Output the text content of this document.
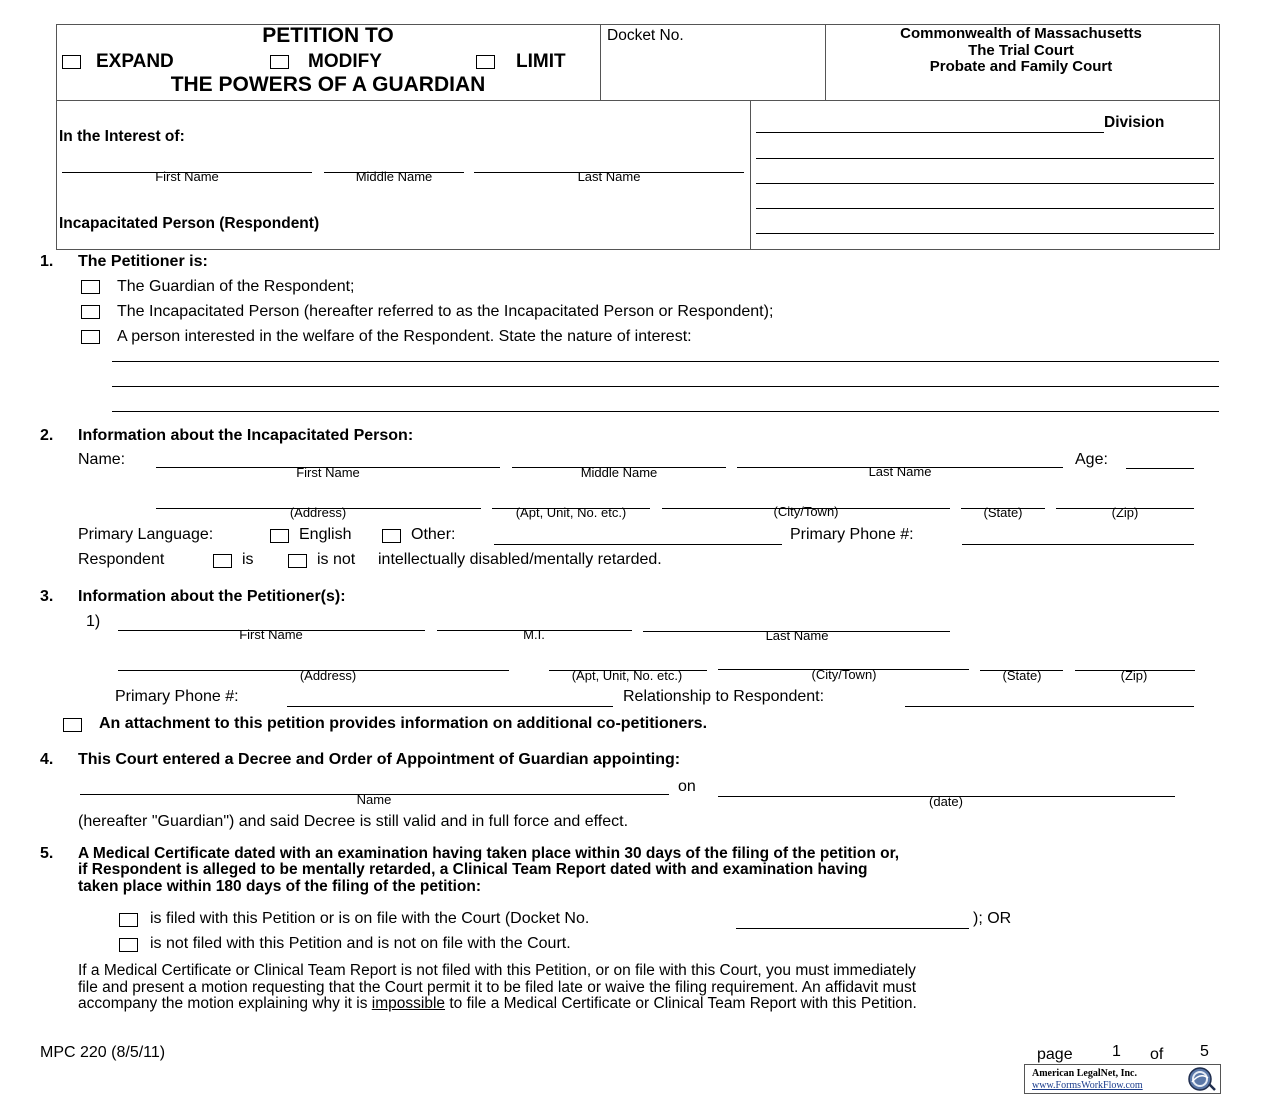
PETITION TO
EXPAND	MODIFY	LIMIT
THE POWERS OF A GUARDIAN
Docket No.	Commonwealth of Massachusetts
The Trial Court
Probate and Family Court
Division
In the Interest of:
First Name	Middle Name	Last Name
Incapacitated Person (Respondent)
1. The Petitioner is:
The Guardian of the Respondent;
The Incapacitated Person (hereafter referred to as the Incapacitated Person or Respondent);
A person interested in the welfare of the Respondent. State the nature of interest:
2. Information about the Incapacitated Person:
Name:
First Name	Middle Name	Last Name
Age:
(Address)	(Apt, Unit, No. etc.)	(City/Town)	(State)	(Zip)
Primary Language:	English	Other:	Primary Phone #:
Respondent	is	is not intellectually disabled/mentally retarded.
3. Information about the Petitioner(s):
1)
First Name	M.I.	Last Name
(Address)	(Apt, Unit, No. etc.)	(City/Town)	(State)	(Zip)
Primary Phone #:	Relationship to Respondent:
An attachment to this petition provides information on additional co-petitioners.
4. This Court entered a Decree and Order of Appointment of Guardian appointing:
on
Name	(date)
(hereafter "Guardian") and said Decree is still valid and in full force and effect.
5. A Medical Certificate dated with an examination having taken place within 30 days of the filing of the petition or,
if Respondent is alleged to be mentally retarded, a Clinical Team Report dated with and examination having
taken place within 180 days of the filing of the petition:
is filed with this Petition or is on file with the Court (Docket No.	); OR
is not filed with this Petition and is not on file with the Court.
If a Medical Certificate or Clinical Team Report is not filed with this Petition, or on file with this Court, you must immediately
file and present a motion requesting that the Court permit it to be filed late or waive the filing requirement. An affidavit must
accompany the motion explaining why it is impossible to file a Medical Certificate or Clinical Team Report with this Petition.
MPC 220 (8/5/11)	page 1 of 5
American LegalNet, Inc.
www.FormsWorkFlow.com
